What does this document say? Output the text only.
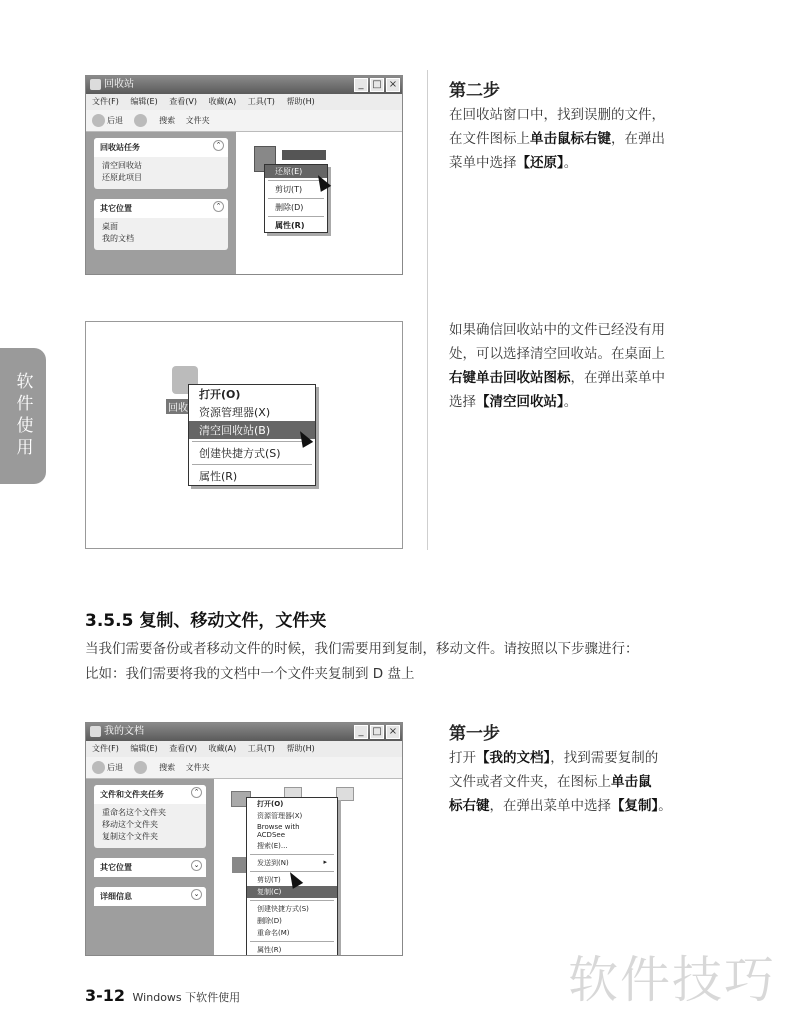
软件使用
回收站	_ □ ×
文件(F) 编辑(E) 查看(V) 收藏(A) 工具(T) 帮助(H)
后退	搜索 文件夹
回收站任务	⌃
清空回收站
还原此项目
其它位置	⌃
桌面
我的文档
还原(E)
剪切(T)
删除(D)
属性(R)
第二步
在回收站窗口中，找到误删的文件，
在文件图标上单击鼠标右键，在弹出
菜单中选择【还原】。
回收
打开(O)
资源管理器(X)
清空回收站(B)
创建快捷方式(S)
属性(R)
如果确信回收站中的文件已经没有用
处，可以选择清空回收站。在桌面上
右键单击回收站图标，在弹出菜单中
选择【清空回收站】。
3.5.5 复制、移动文件，文件夹
当我们需要备份或者移动文件的时候，我们需要用到复制，移动文件。请按照以下步骤进行：
比如：我们需要将我的文档中一个文件夹复制到 D 盘上
我的文档	_ □ ×
文件(F) 编辑(E) 查看(V) 收藏(A) 工具(T) 帮助(H)
后退	搜索 文件夹
文件和文件夹任务	⌃
重命名这个文件夹
移动这个文件夹
复制这个文件夹
其它位置	⌄
详细信息	⌄
打开(O)
资源管理器(X)
Browse with ACDSee
搜索(E)...
发送到(N)	▸
剪切(T)
复制(C)
创建快捷方式(S)
删除(D)
重命名(M)
属性(R)
第一步
打开【我的文档】，找到需要复制的
文件或者文件夹，在图标上单击鼠
标右键，在弹出菜单中选择【复制】。
3-12 Windows 下软件使用	软件技巧
